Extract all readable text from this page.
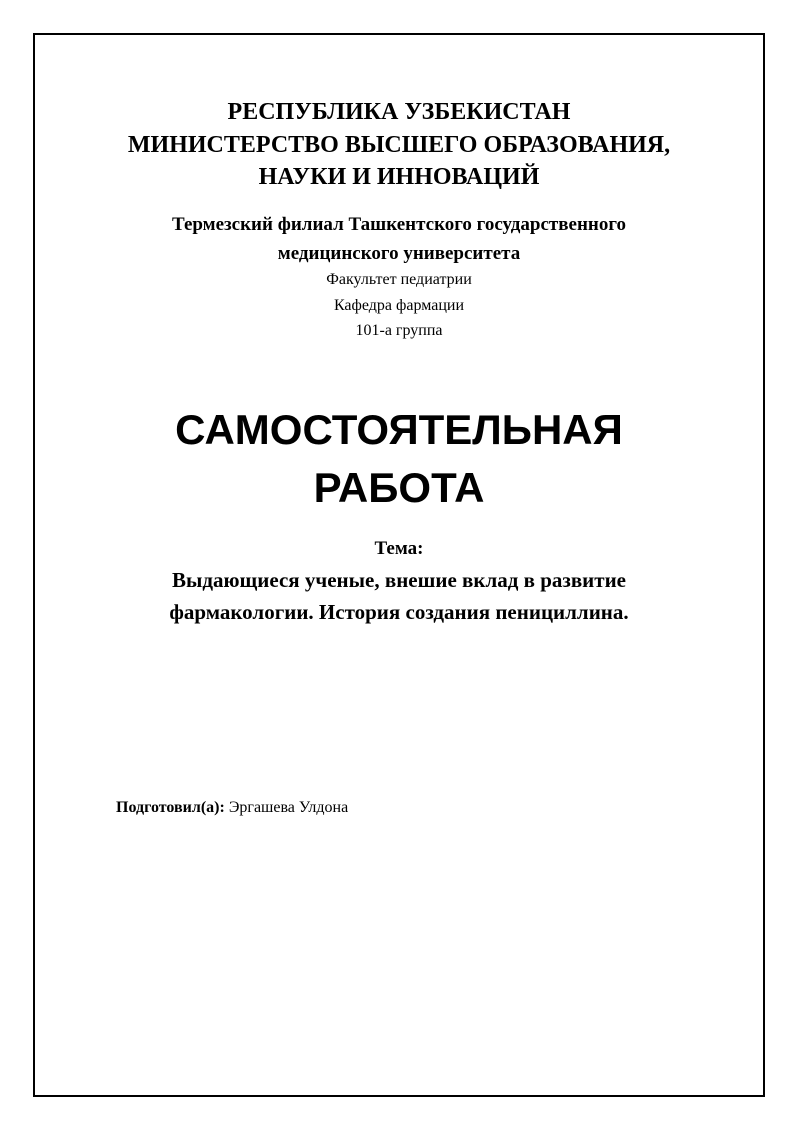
РЕСПУБЛИКА УЗБЕКИСТАН
МИНИСТЕРСТВО ВЫСШЕГО ОБРАЗОВАНИЯ,
НАУКИ И ИННОВАЦИЙ
Термезский филиал Ташкентского государственного
медицинского университета
Факультет педиатрии
Кафедра фармации
101-а группа
САМОСТОЯТЕЛЬНАЯ
РАБОТА
Тема:
Выдающиеся ученые, внешие вклад в развитие
фармакологии. История создания пенициллина.
Подготовил(а): Эргашева Улдона
